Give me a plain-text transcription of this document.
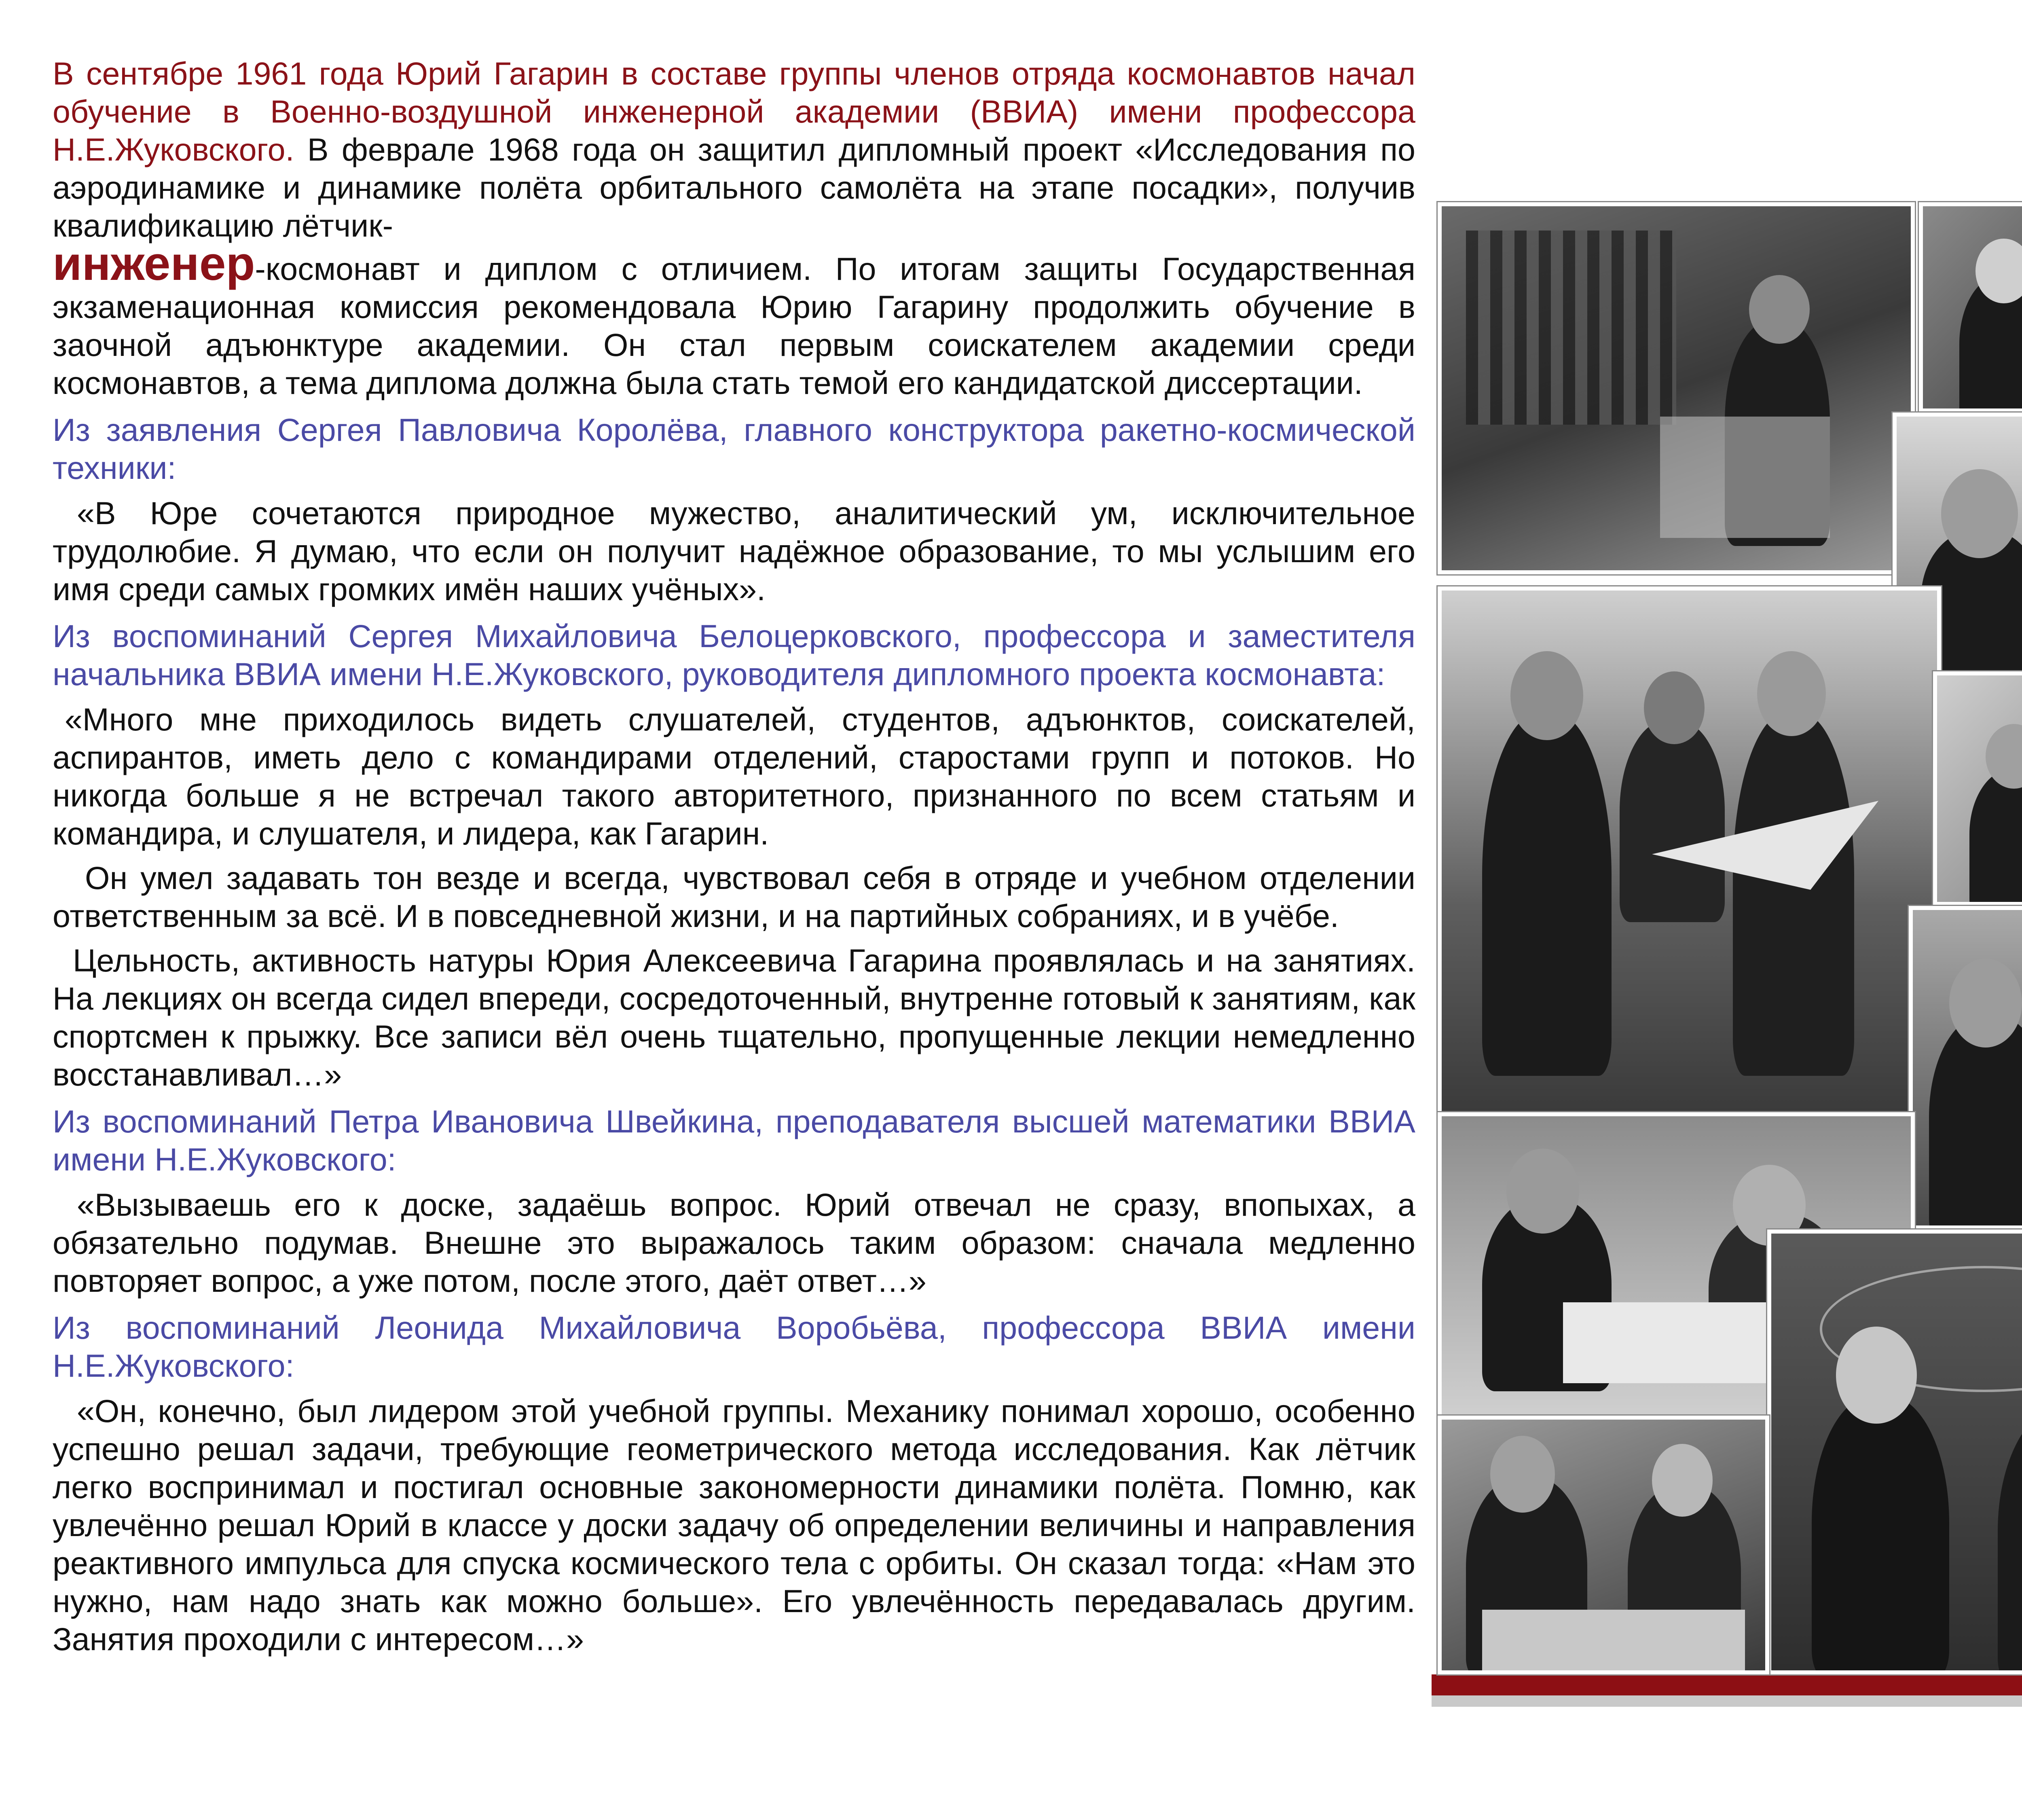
В сентябре 1961 года Юрий Гагарин в составе группы членов отряда космонавтов начал обучение в Военно-воздушной инженерной академии (ВВИА) имени профессора Н.Е.Жуковского. В феврале 1968 года он защитил дипломный проект «Исследования по аэродинамике и динамике полёта орбитального самолёта на этапе посадки», получив квалификацию лётчик-
инженер-космонавт и диплом с отличием. По итогам защиты Государственная экзаменационная комиссия рекомендовала Юрию Гагарину продолжить обучение в заочной адъюнктуре академии. Он стал первым соискателем академии среди космонавтов, а тема диплома должна была стать темой его кандидатской диссертации.

Из заявления Сергея Павловича Королёва, главного конструктора ракетно-космической техники:

«В Юре сочетаются природное мужество, аналитический ум, исключительное трудолюбие. Я думаю, что если он получит надёжное образование, то мы услышим его имя среди самых громких имён наших учёных».

Из воспоминаний Сергея Михайловича Белоцерковского, профессора и заместителя начальника ВВИА имени Н.Е.Жуковского, руководителя дипломного проекта космонавта:

«Много мне приходилось видеть слушателей, студентов, адъюнктов, соискателей, аспирантов, иметь дело с командирами отделений, старостами групп и потоков. Но никогда больше я не встречал такого авторитетного, признанного по всем статьям и командира, и слушателя, и лидера, как Гагарин.

Он умел задавать тон везде и всегда, чувствовал себя в отряде и учебном отделении ответственным за всё. И в повседневной жизни, и на партийных собраниях, и в учёбе.

Цельность, активность натуры Юрия Алексеевича Гагарина проявлялась и на занятиях. На лекциях он всегда сидел впереди, сосредоточенный, внутренне готовый к занятиям, как спортсмен к прыжку. Все записи вёл очень тщательно, пропущенные лекции немедленно восстанавливал…»

Из воспоминаний Петра Ивановича Швейкина, преподавателя высшей математики ВВИА имени Н.Е.Жуковского:

«Вызываешь его к доске, задаёшь вопрос. Юрий отвечал не сразу, впопыхах, а обязательно подумав. Внешне это выражалось таким образом: сначала медленно повторяет вопрос, а уже потом, после этого, даёт ответ…»

Из воспоминаний Леонида Михайловича Воробьёва, профессора ВВИА имени Н.Е.Жуковского:

«Он, конечно, был лидером этой учебной группы. Механику понимал хорошо, особенно успешно решал задачи, требующие геометрического метода исследования. Как лётчик легко воспринимал и постигал основные закономерности динамики полёта. Помню, как увлечённо решал Юрий в классе у доски задачу об определении величины и направления реактивного импульса для спуска космического тела с орбиты. Он сказал тогда: «Нам это нужно, нам надо знать как можно больше». Его увлечённость передавалась другим. Занятия проходили с интересом…»
